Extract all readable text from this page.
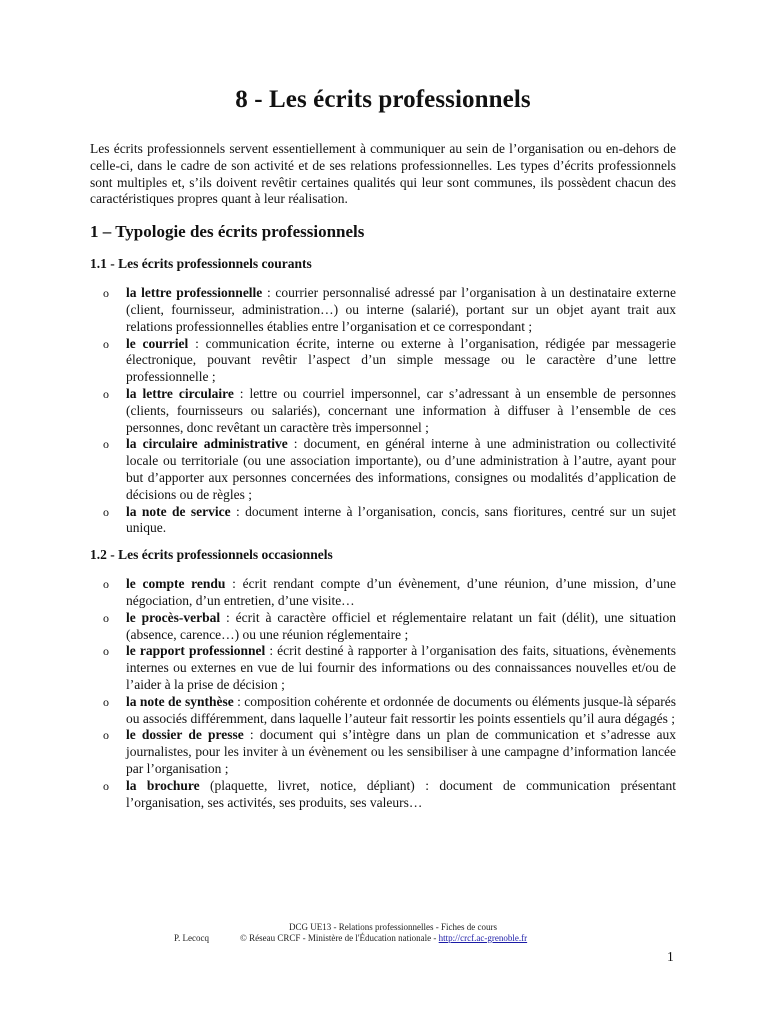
8 - Les écrits professionnels

Les écrits professionnels servent essentiellement à communiquer au sein de l’organisation ou en-dehors de celle-ci, dans le cadre de son activité et de ses relations professionnelles. Les types d’écrits professionnels sont multiples et, s’ils doivent revêtir certaines qualités qui leur sont communes, ils possèdent chacun des caractéristiques propres quant à leur réalisation.

1 – Typologie des écrits professionnels
1.1 - Les écrits professionnels courants
o la lettre professionnelle : courrier personnalisé adressé par l’organisation à un destinataire externe (client, fournisseur, administration…) ou interne (salarié), portant sur un objet ayant trait aux relations professionnelles établies entre l’organisation et ce correspondant ;
o le courriel : communication écrite, interne ou externe à l’organisation, rédigée par messagerie électronique, pouvant revêtir l’aspect d’un simple message ou le caractère d’une lettre professionnelle ;
o la lettre circulaire : lettre ou courriel impersonnel, car s’adressant à un ensemble de personnes (clients, fournisseurs ou salariés), concernant une information à diffuser à l’ensemble de ces personnes, donc revêtant un caractère très impersonnel ;
o la circulaire administrative : document, en général interne à une administration ou collectivité locale ou territoriale (ou une association importante), ou d’une administration à l’autre, ayant pour but d’apporter aux personnes concernées des informations, consignes ou modalités d’application de décisions ou de règles ;
o la note de service : document interne à l’organisation, concis, sans fioritures, centré sur un sujet unique.
1.2 - Les écrits professionnels occasionnels
o le compte rendu : écrit rendant compte d’un évènement, d’une réunion, d’une mission, d’une négociation, d’un entretien, d’une visite…
o le procès-verbal : écrit à caractère officiel et réglementaire relatant un fait (délit), une situation (absence, carence…) ou une réunion réglementaire ;
o le rapport professionnel : écrit destiné à rapporter à l’organisation des faits, situations, évènements internes ou externes en vue de lui fournir des informations ou des connaissances nouvelles et/ou de l’aider à la prise de décision ;
o la note de synthèse : composition cohérente et ordonnée de documents ou éléments jusque-là séparés ou associés différemment, dans laquelle l’auteur fait ressortir les points essentiels qu’il aura dégagés ;
o le dossier de presse : document qui s’intègre dans un plan de communication et s’adresse aux journalistes, pour les inviter à un évènement ou les sensibiliser à une campagne d’information lancée par l’organisation ;
o la brochure (plaquette, livret, notice, dépliant) : document de communication présentant l’organisation, ses activités, ses produits, ses valeurs…
DCG UE13 - Relations professionnelles - Fiches de cours
P. Lecocq	© Réseau CRCF - Ministère de l'Éducation nationale - http://crcf.ac-grenoble.fr
1
